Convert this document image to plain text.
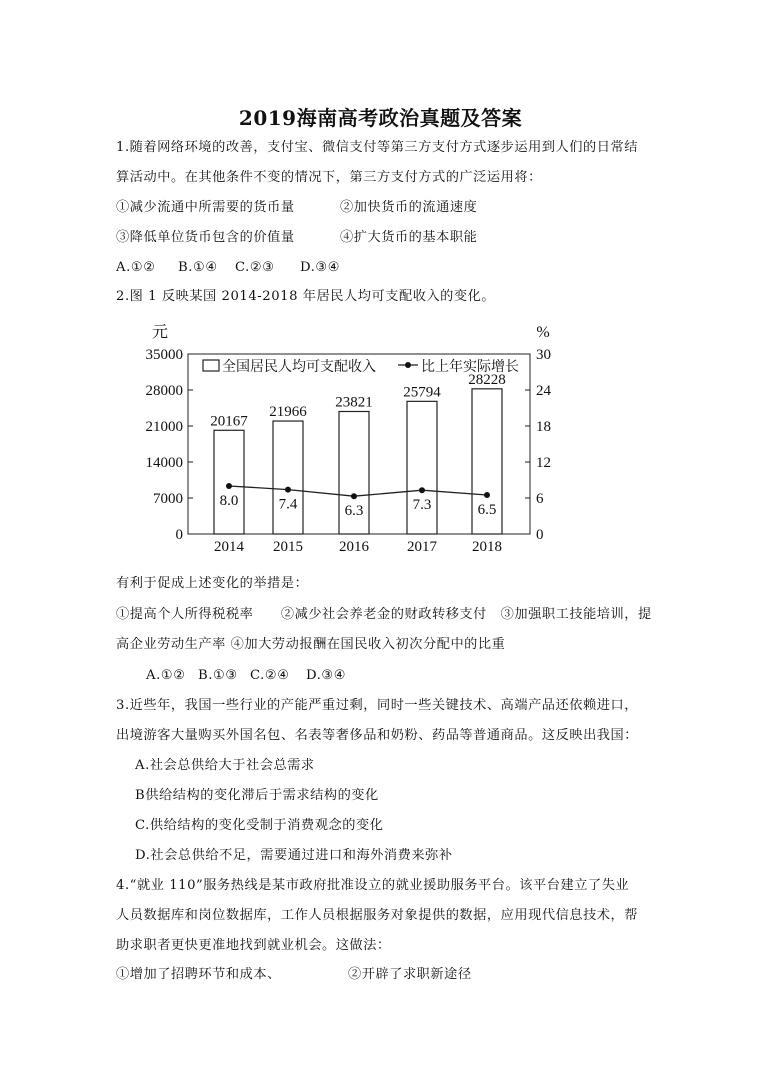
2019海南高考政治真题及答案
1.随着网络环境的改善，支付宝、微信支付等第三方支付方式逐步运用到人们的日常结
算活动中。在其他条件不变的情况下，第三方支付方式的广泛运用将：
①减少流通中所需要的货币量	②加快货币的流通速度
③降低单位货币包含的价值量	④扩大货币的基本职能
A.①② B.①④ C.②③ D.③④
2.图 1 反映某国 2014-2018 年居民人均可支配收入的变化。
0
7000
14000
21000
28000
35000
0
6
12
18
24
30
元	%
全国居民人均可支配收入	比上年实际增长
20167
2014
21966
2015
23821
2016
25794
2017
28228
2018
8.0	7.4	6.3	7.3	6.5
有利于促成上述变化的举措是：
①提高个人所得税税率　　②减少社会养老金的财政转移支付　③加强职工技能培训，提
高企业劳动生产率 ④加大劳动报酬在国民收入初次分配中的比重
A.①② B.①③ C.②④ D.③④
3.近些年，我国一些行业的产能严重过剩，同时一些关键技术、高端产品还依赖进口，
出境游客大量购买外国名包、名表等奢侈品和奶粉、药品等普通商品。这反映出我国：
A.社会总供给大于社会总需求
B供给结构的变化滞后于需求结构的变化
C.供给结构的变化受制于消费观念的变化
D.社会总供给不足，需要通过进口和海外消费来弥补
4.“就业 110”服务热线是某市政府批准设立的就业援助服务平台。该平台建立了失业
人员数据库和岗位数据库，工作人员根据服务对象提供的数据，应用现代信息技术，帮
助求职者更快更准地找到就业机会。这做法：
①增加了招聘环节和成本、	②开辟了求职新途径
